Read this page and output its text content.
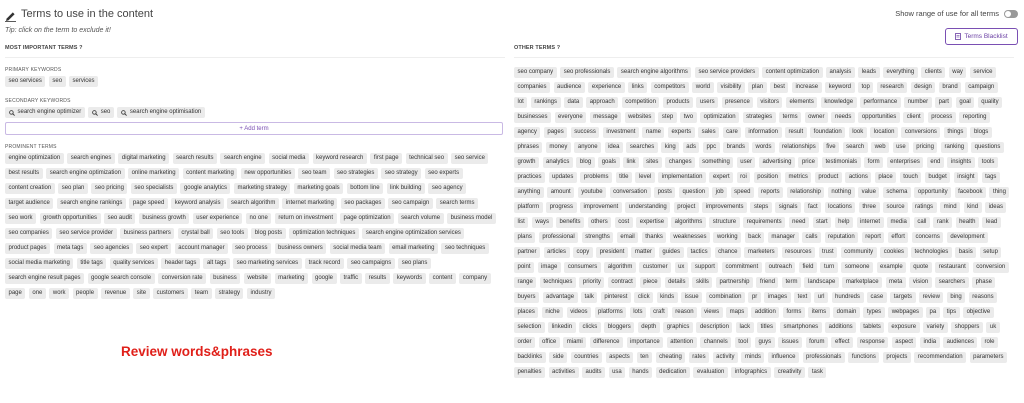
Terms to use in the content
Tip: click on the term to exclude it!
Show range of use for all terms
Terms Blacklist
MOST IMPORTANT TERMS ?
PRIMARY KEYWORDS
seo services	seo	services
SECONDARY KEYWORDS
search engine optimizer	seo	search engine optimisation
+ Add term
PROMINENT TERMS
engine optimization	search engines	digital marketing	search results	search engine	social media	keyword research	first page	technical seo	seo service
best results	search engine optimization	online marketing	content marketing	new opportunities	seo team	seo strategies	seo strategy	seo experts
content creation	seo plan	seo pricing	seo specialists	google analytics	marketing strategy	marketing goals	bottom line	link building	seo agency
target audience	search engine rankings	page speed	keyword analysis	search algorithm	internet marketing	seo packages	seo campaign	search terms
seo work	growth opportunities	seo audit	business growth	user experience	no one	return on investment	page optimization	search volume	business model
seo companies	seo service provider	business partners	crystal ball	seo tools	blog posts	optimization techniques	search engine optimization services
product pages	meta tags	seo agencies	seo expert	account manager	seo process	business owners	social media team	email marketing	seo techniques
social media marketing	title tags	quality services	header tags	alt tags	seo marketing services	track record	seo campaigns	seo plans
search engine result pages	google search console	conversion rate	business	website	marketing	google	traffic	results	keywords	content	company
page	one	work	people	revenue	site	customers	team	strategy	industry
OTHER TERMS ?
seo company	seo professionals	search engine algorithms	seo service providers	content optimization	analysis	leads	everything	clients	way	service
companies	audience	experience	links	competitors	world	visibility	plan	best	increase	keyword	top	research	design	brand	campaign
lot	rankings	data	approach	competition	products	users	presence	visitors	elements	knowledge	performance	number	part	goal	quality
businesses	everyone	message	websites	step	two	optimization	strategies	terms	owner	needs	opportunities	client	process	reporting
agency	pages	success	investment	name	experts	sales	care	information	result	foundation	look	location	conversions	things	blogs
phrases	money	anyone	idea	searches	king	ads	ppc	brands	words	relationships	five	search	web	use	pricing	ranking	questions
growth	analytics	blog	goals	link	sites	changes	something	user	advertising	price	testimonials	form	enterprises	end	insights	tools
practices	updates	problems	title	level	implementation	expert	roi	position	metrics	product	actions	place	touch	budget	insight	tags
anything	amount	youtube	conversation	posts	question	job	speed	reports	relationship	nothing	value	schema	opportunity	facebook	thing
platform	progress	improvement	understanding	project	improvements	steps	signals	fact	locations	three	source	ratings	mind	kind	ideas
list	ways	benefits	others	cost	expertise	algorithms	structure	requirements	need	start	help	internet	media	call	rank	health	lead
plans	professional	strengths	email	thanks	weaknesses	working	back	manager	calls	reputation	report	effort	concerns	development
partner	articles	copy	president	matter	guides	tactics	chance	marketers	resources	trust	community	cookies	technologies	basis	setup
point	image	consumers	algorithm	customer	ux	support	commitment	outreach	field	turn	someone	example	quote	restaurant	conversion
range	techniques	priority	contract	piece	details	skills	partnership	friend	term	landscape	marketplace	meta	vision	searchers	phase
buyers	advantage	talk	pinterest	click	kinds	issue	combination	pr	images	text	url	hundreds	case	targets	review	bing	reasons
places	niche	videos	platforms	lots	craft	reason	views	maps	addition	forms	items	domain	types	webpages	pa	tips	objective
selection	linkedin	clicks	bloggers	depth	graphics	description	lack	titles	smartphones	additions	tablets	exposure	variety	shoppers	uk
order	office	miami	difference	importance	attention	channels	tool	guys	issues	forum	effect	response	aspect	india	audiences	role
backlinks	side	countries	aspects	ten	cheating	rates	activity	minds	influence	professionals	functions	projects	recommendation	parameters
penalties	activities	audits	usa	hands	dedication	evaluation	infographics	creativity	task
Review words&phrases
